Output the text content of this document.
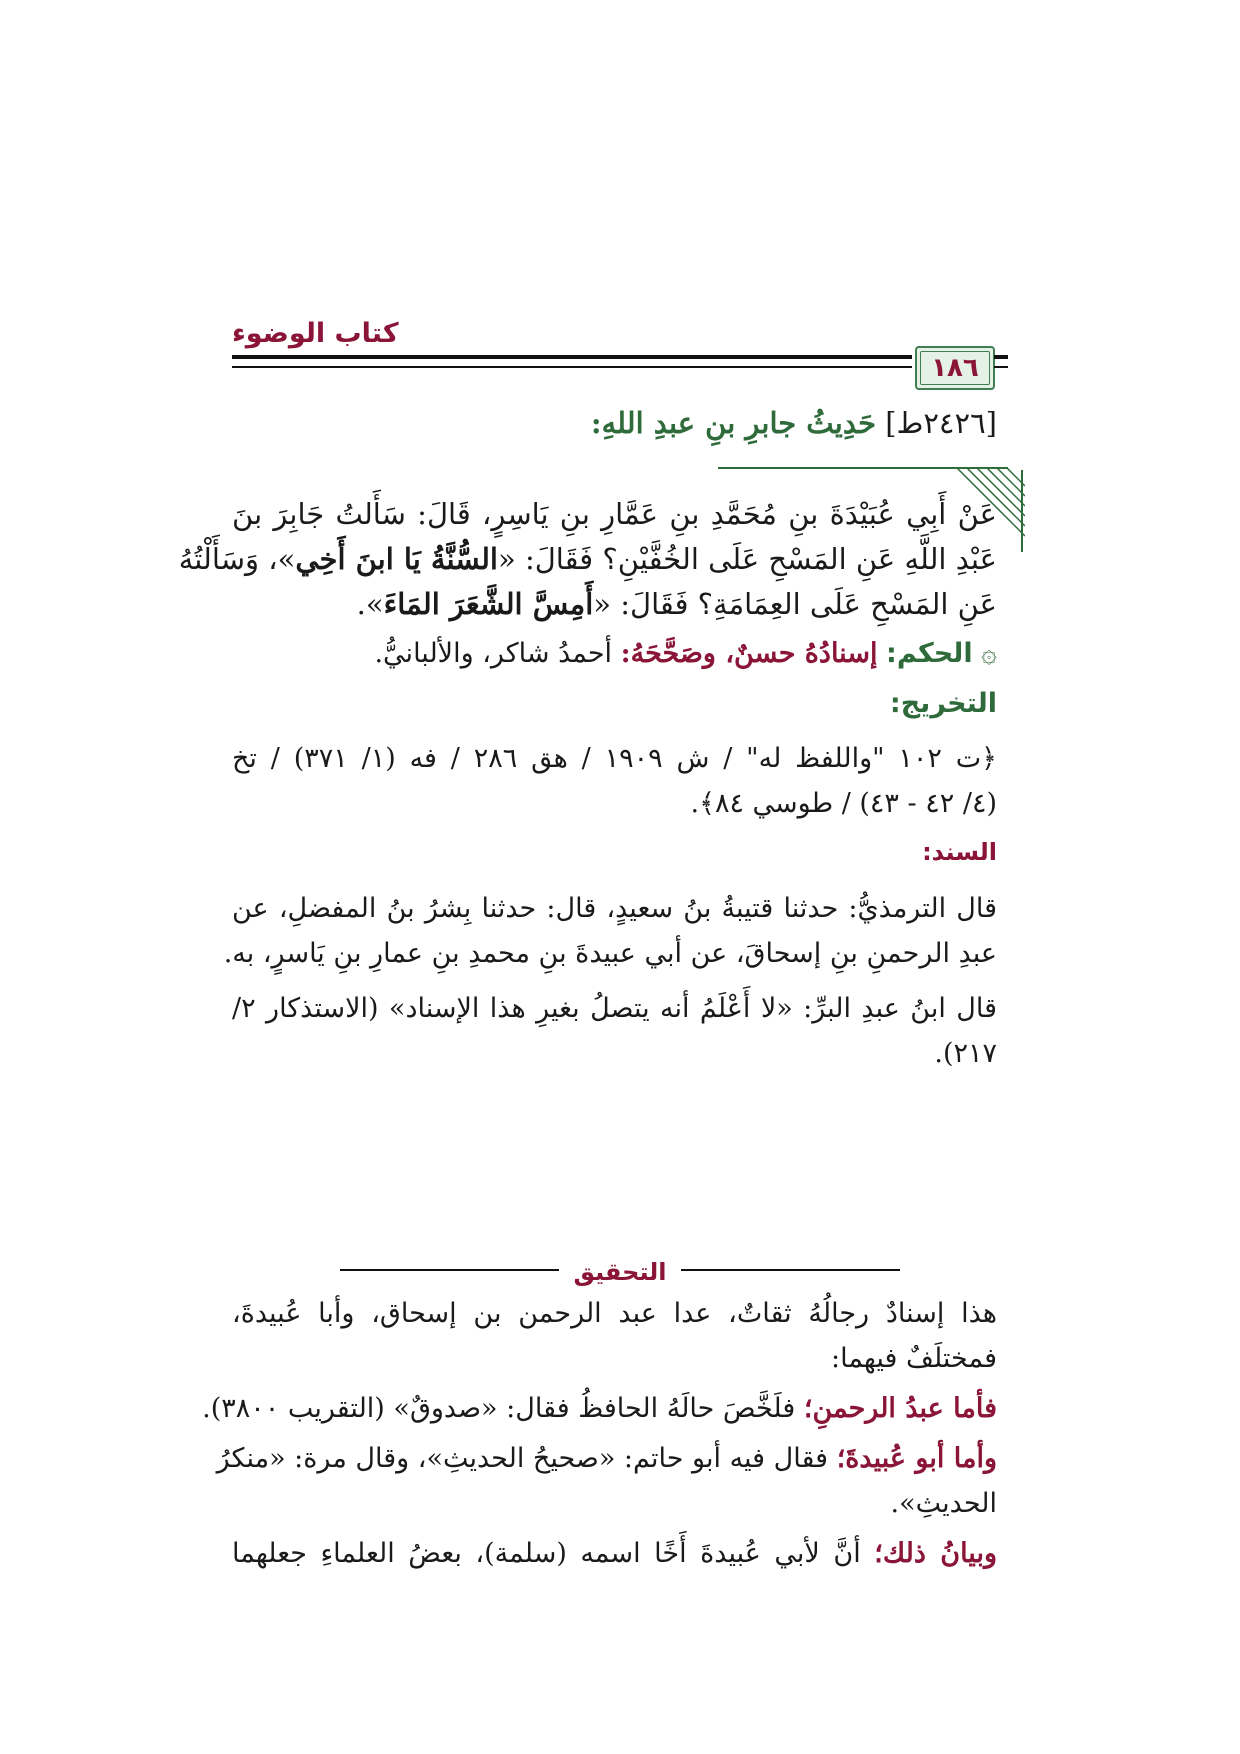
كتاب الوضوء
١٨٦
[٢٤٢٦ط] حَدِيثُ جابرِ بنِ عبدِ اللهِ:
عَنْ أَبِي عُبَيْدَةَ بنِ مُحَمَّدِ بنِ عَمَّارِ بنِ يَاسِرٍ، قَالَ: سَأَلتُ جَابِرَ بنَ
عَبْدِ اللَّهِ عَنِ المَسْحِ عَلَى الخُفَّيْنِ؟ فَقَالَ: «السُّنَّةُ يَا ابنَ أَخِي»، وَسَأَلْتُهُ
عَنِ المَسْحِ عَلَى العِمَامَةِ؟ فَقَالَ: «أَمِسَّ الشَّعَرَ المَاءَ».
۞ الحكم: إسنادُهُ حسنٌ، وصَحَّحَهُ: أحمدُ شاكر، والألبانيُّ.
التخريج:
﴿ت ١٠٢ "واللفظ له" / ش ١٩٠٩ / هق ٢٨٦ / فه (١/ ٣٧١) / تخ
(٤/ ٤٢ - ٤٣) / طوسي ٨٤﴾.
السند:
قال الترمذيُّ: حدثنا قتيبةُ بنُ سعيدٍ، قال: حدثنا بِشرُ بنُ المفضلِ، عن
عبدِ الرحمنِ بنِ إسحاقَ، عن أبي عبيدةَ بنِ محمدِ بنِ عمارِ بنِ يَاسرٍ، به.
قال ابنُ عبدِ البرِّ: «لا أَعْلَمُ أنه يتصلُ بغيرِ هذا الإسناد» (الاستذكار ٢/
٢١٧).
التحقيق
هذا إسنادٌ رجالُهُ ثقاتٌ، عدا عبد الرحمن بن إسحاق، وأبا عُبيدةَ،
فمختلَفٌ فيهما:
فأما عبدُ الرحمنِ؛ فلَخَّصَ حالَهُ الحافظُ فقال: «صدوقٌ» (التقريب ٣٨٠٠).
وأما أبو عُبيدةَ؛ فقال فيه أبو حاتم: «صحيحُ الحديثِ»، وقال مرة: «منكرُ
الحديثِ».
وبيانُ ذلك؛ أنَّ لأبي عُبيدةَ أَخًا اسمه (سلمة)، بعضُ العلماءِ جعلهما
